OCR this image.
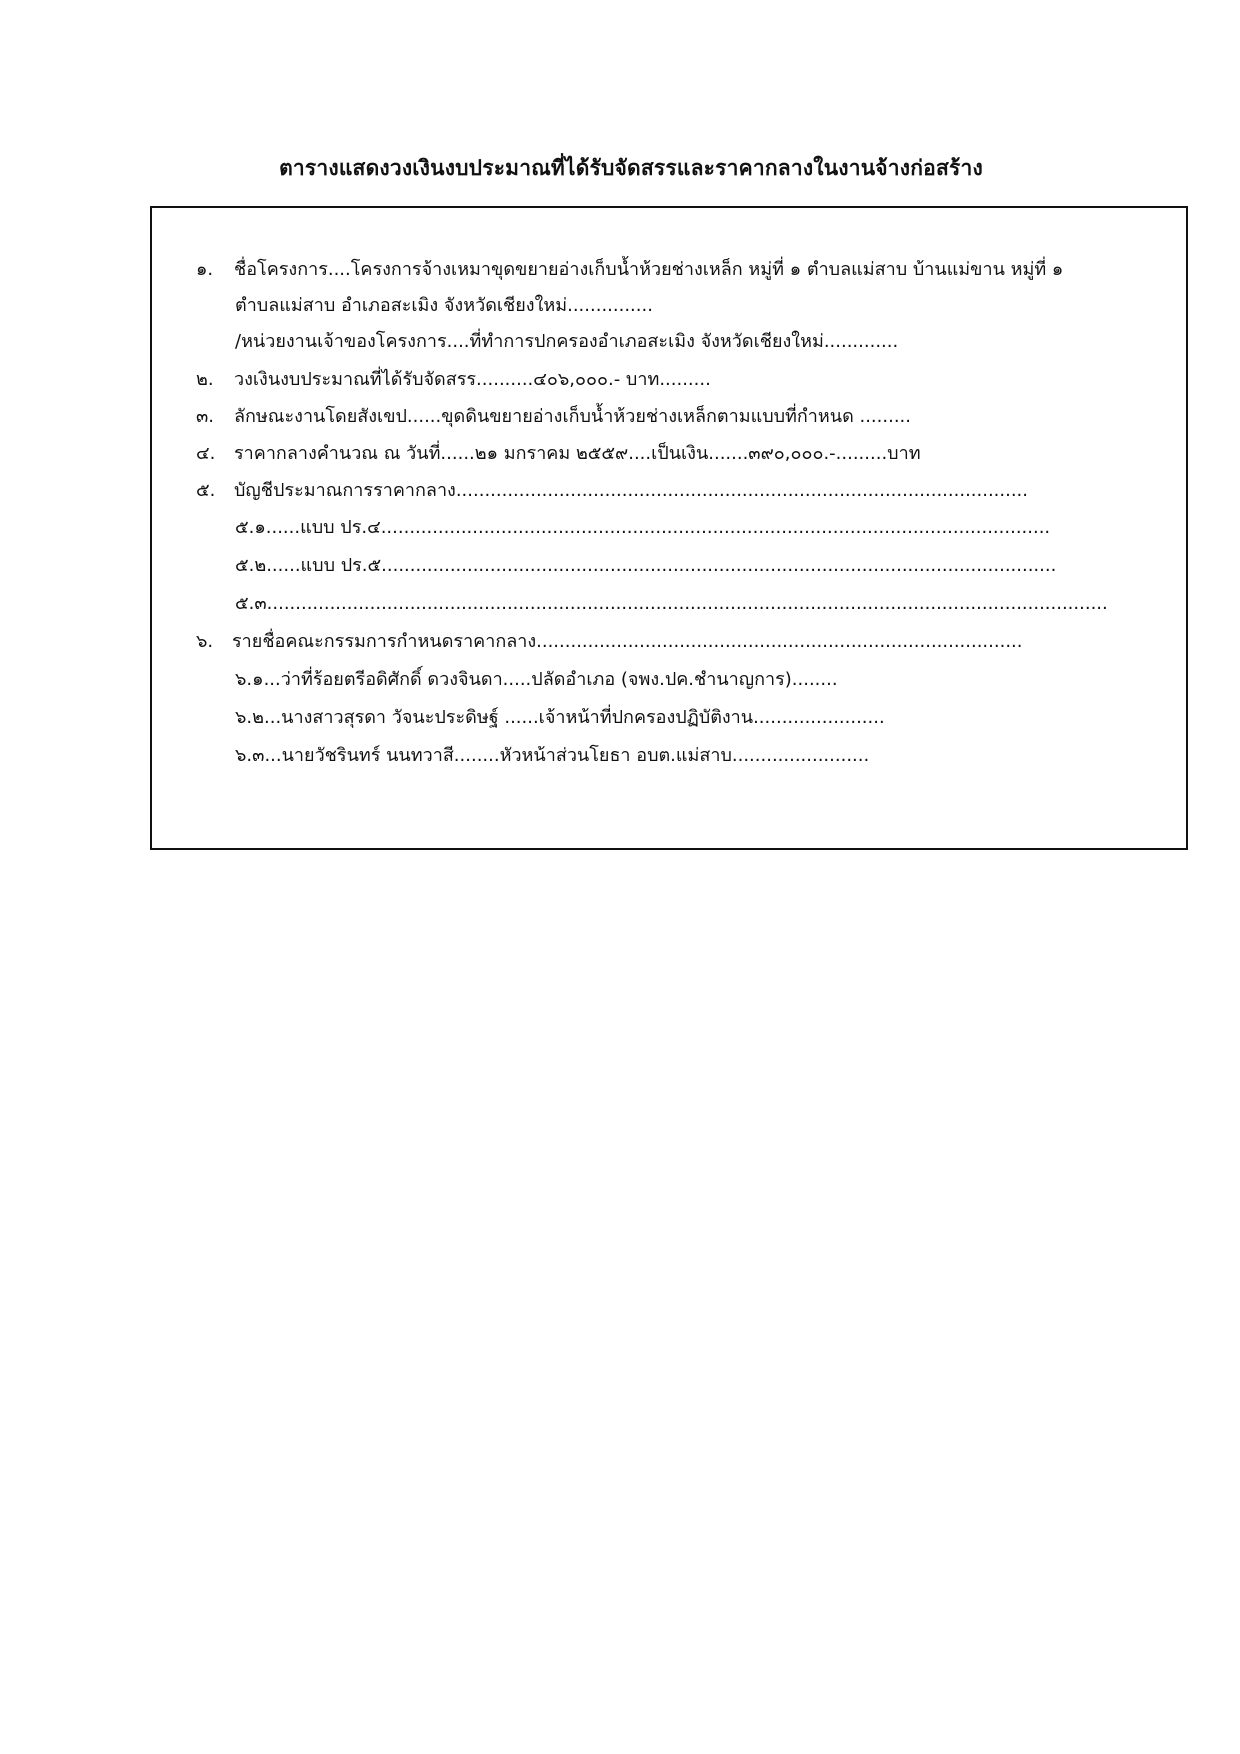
ตารางแสดงวงเงินงบประมาณที่ได้รับจัดสรรและราคากลางในงานจ้างก่อสร้าง
๑. ชื่อโครงการ....โครงการจ้างเหมาขุดขยายอ่างเก็บน้ำห้วยช่างเหล็ก หมู่ที่ ๑ ตำบลแม่สาบ บ้านแม่ขาน หมู่ที่ ๑
ตำบลแม่สาบ อำเภอสะเมิง จังหวัดเชียงใหม่...............
/หน่วยงานเจ้าของโครงการ....ที่ทำการปกครองอำเภอสะเมิง จังหวัดเชียงใหม่.............
๒. วงเงินงบประมาณที่ได้รับจัดสรร..........๔๐๖,๐๐๐.- บาท.........
๓. ลักษณะงานโดยสังเขป......ขุดดินขยายอ่างเก็บน้ำห้วยช่างเหล็กตามแบบที่กำหนด .........
๔. ราคากลางคำนวณ ณ วันที่......๒๑ มกราคม ๒๕๕๙....เป็นเงิน.......๓๙๐,๐๐๐.-.........บาท
๕. บัญชีประมาณการราคากลาง....................................................................................................
๕.๑......แบบ ปร.๔.....................................................................................................................
๕.๒......แบบ ปร.๕......................................................................................................................
๕.๓...................................................................................................................................................
๖. รายชื่อคณะกรรมการกำหนดราคากลาง.....................................................................................
๖.๑...ว่าที่ร้อยตรีอดิศักดิ์ ดวงจินดา.....ปลัดอำเภอ (จพง.ปค.ชำนาญการ)........
๖.๒...นางสาวสุรดา วัจนะประดิษฐ์ ......เจ้าหน้าที่ปกครองปฏิบัติงาน.......................
๖.๓...นายวัชรินทร์ นนทวาสี........หัวหน้าส่วนโยธา อบต.แม่สาบ........................
